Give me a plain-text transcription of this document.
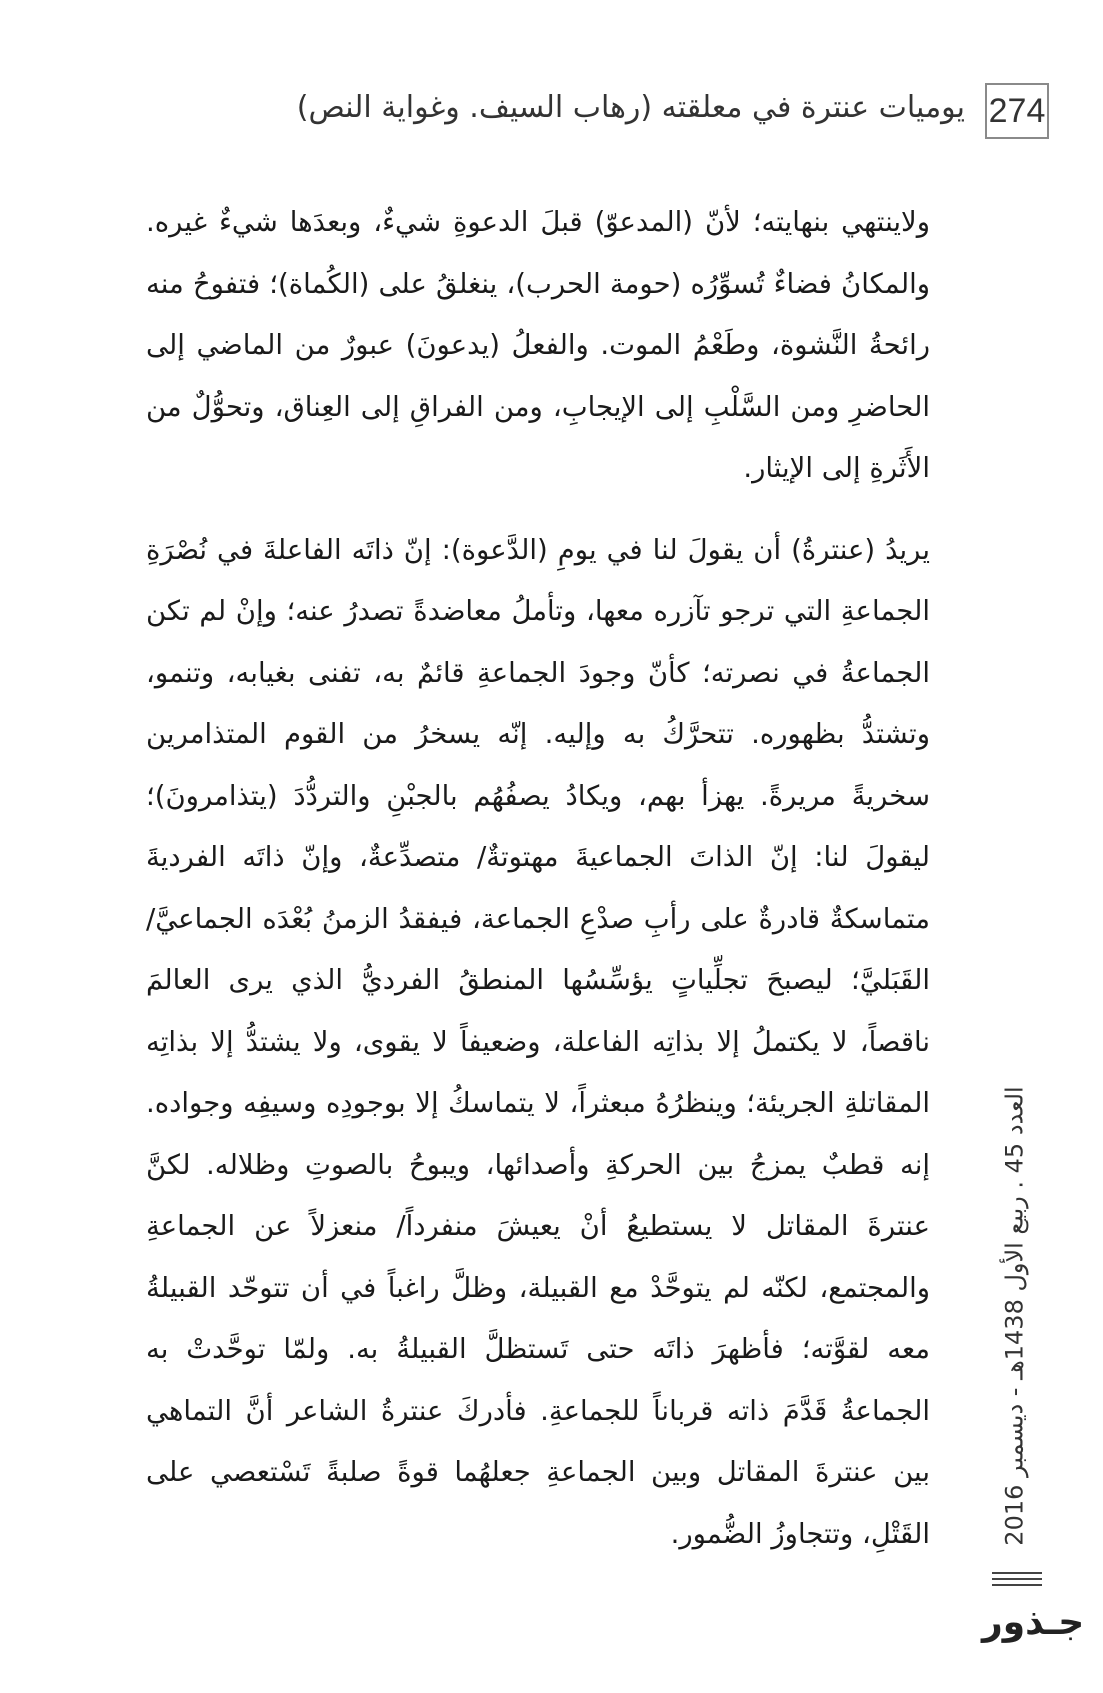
274
يوميات عنترة في معلقته (رهاب السيف. وغواية النص)

ولاينتهي بنهايته؛ لأنّ (المدعوّ) قبلَ الدعوةِ شيءٌ، وبعدَها شيءٌ غيره. والمكانُ فضاءٌ تُسوِّرُه (حومة الحرب)، ينغلقُ على (الكُماة)؛ فتفوحُ منه رائحةُ النَّشوة، وطَعْمُ الموت. والفعلُ (يدعونَ) عبورٌ من الماضي إلى الحاضرِ ومن السَّلْبِ إلى الإيجابِ، ومن الفراقِ إلى العِناق، وتحوُّلٌ من الأَثَرةِ إلى الإيثار.

يريدُ (عنترةُ) أن يقولَ لنا في يومِ (الدَّعوة): إنّ ذاتَه الفاعلةَ في نُصْرَةِ الجماعةِ التي ترجو تآزره معها، وتأملُ معاضدةً تصدرُ عنه؛ وإنْ لم تكن الجماعةُ في نصرته؛ كأنّ وجودَ الجماعةِ قائمٌ به، تفنى بغيابه، وتنمو، وتشتدُّ بظهوره. تتحرَّكُ به وإليه. إنّه يسخرُ من القوم المتذامرين سخريةً مريرةً. يهزأ بهم، ويكادُ يصفُهُم بالجبْنِ والتردُّدَ (يتذامرونَ)؛ ليقولَ لنا: إنّ الذاتَ الجماعيةَ مهتوتةٌ/ متصدِّعةٌ، وإنّ ذاتَه الفرديةَ متماسكةٌ قادرةٌ على رأبِ صدْعِ الجماعة، فيفقدُ الزمنُ بُعْدَه الجماعيَّ/ القَبَليَّ؛ ليصبحَ تجلِّياتٍ يؤسِّسُها المنطقُ الفرديُّ الذي يرى العالمَ ناقصاً، لا يكتملُ إلا بذاتِه الفاعلة، وضعيفاً لا يقوى، ولا يشتدُّ إلا بذاتِه المقاتلةِ الجريئة؛ وينظرُهُ مبعثراً، لا يتماسكُ إلا بوجودِه وسيفِه وجواده. إنه قطبٌ يمزجُ بين الحركةِ وأصدائها، ويبوحُ بالصوتِ وظلاله. لكنَّ عنترةَ المقاتل لا يستطيعُ أنْ يعيشَ منفرداً/ منعزلاً عن الجماعةِ والمجتمع، لكنّه لم يتوحَّدْ مع القبيلة، وظلَّ راغباً في أن تتوحّد القبيلةُ معه لقوَّته؛ فأظهرَ ذاتَه حتى تَستظلَّ القبيلةُ به. ولمّا توحَّدتْ به الجماعةُ قَدَّمَ ذاته قرباناً للجماعةِ. فأدركَ عنترةُ الشاعر أنَّ التماهي بين عنترةَ المقاتل وبين الجماعةِ جعلهُما قوةً صلبةً تَسْتعصي على القَتْلِ، وتتجاوزُ الضُّمور.	العدد 45 . ربيع الأول 1438هـ - ديسمبر 2016
جـذور
